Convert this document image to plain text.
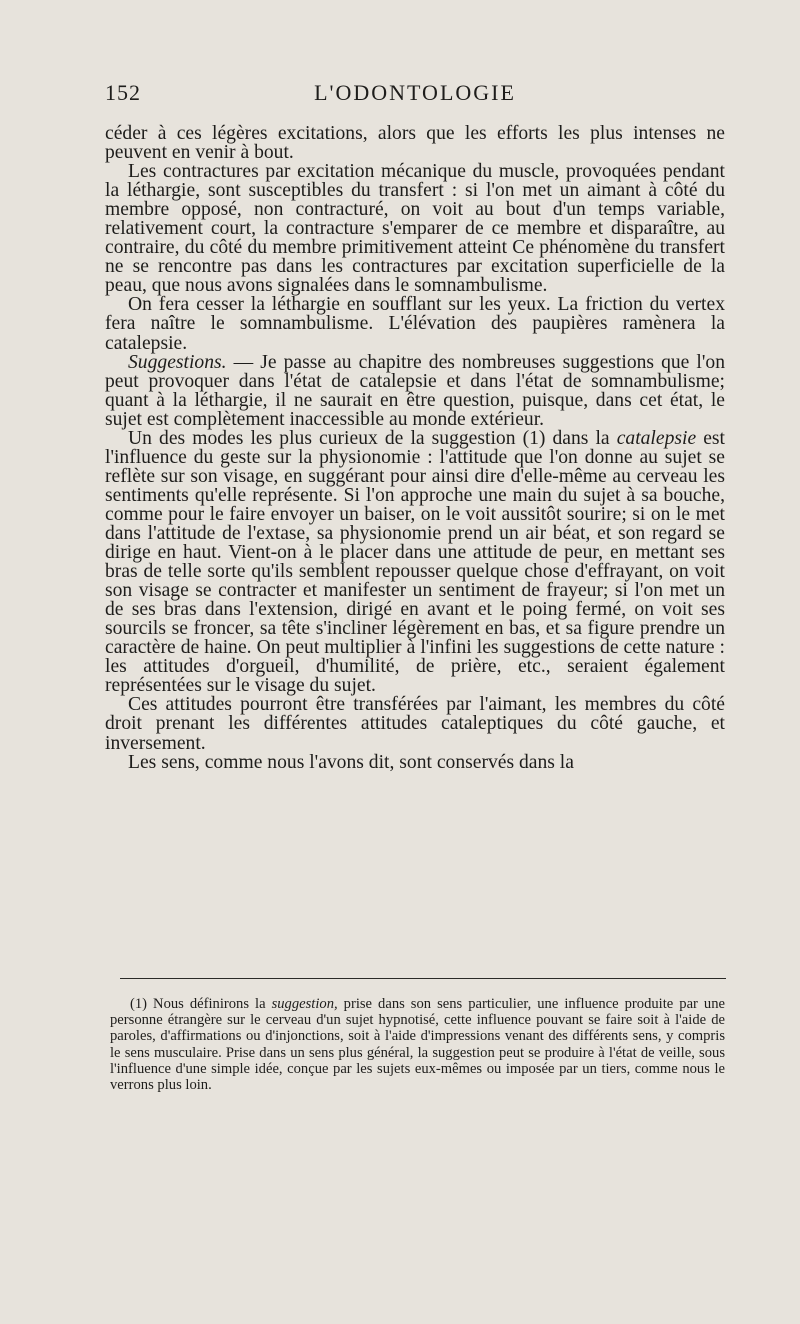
152	L'ODONTOLOGIE

céder à ces légères excitations, alors que les efforts les plus intenses ne peuvent en venir à bout.

Les contractures par excitation mécanique du muscle, provoquées pendant la léthargie, sont susceptibles du transfert : si l'on met un aimant à côté du membre opposé, non contracturé, on voit au bout d'un temps variable, relativement court, la contracture s'emparer de ce membre et disparaître, au contraire, du côté du membre primitivement atteint Ce phénomène du transfert ne se rencontre pas dans les contractures par excitation superficielle de la peau, que nous avons signalées dans le somnambulisme.

On fera cesser la léthargie en soufflant sur les yeux. La friction du vertex fera naître le somnambulisme. L'élévation des paupières ramènera la catalepsie.

Suggestions. — Je passe au chapitre des nombreuses suggestions que l'on peut provoquer dans l'état de catalepsie et dans l'état de somnambulisme; quant à la léthargie, il ne saurait en être question, puisque, dans cet état, le sujet est complètement inaccessible au monde extérieur.

Un des modes les plus curieux de la suggestion (1) dans la catalepsie est l'influence du geste sur la physionomie : l'attitude que l'on donne au sujet se reflète sur son visage, en suggérant pour ainsi dire d'elle-même au cerveau les sentiments qu'elle représente. Si l'on approche une main du sujet à sa bouche, comme pour le faire envoyer un baiser, on le voit aussitôt sourire; si on le met dans l'attitude de l'extase, sa physionomie prend un air béat, et son regard se dirige en haut. Vient-on à le placer dans une attitude de peur, en mettant ses bras de telle sorte qu'ils semblent repousser quelque chose d'effrayant, on voit son visage se contracter et manifester un sentiment de frayeur; si l'on met un de ses bras dans l'extension, dirigé en avant et le poing fermé, on voit ses sourcils se froncer, sa tête s'incliner légèrement en bas, et sa figure prendre un caractère de haine. On peut multiplier à l'infini les suggestions de cette nature : les attitudes d'orgueil, d'humilité, de prière, etc., seraient également représentées sur le visage du sujet.

Ces attitudes pourront être transférées par l'aimant, les membres du côté droit prenant les différentes attitudes cataleptiques du côté gauche, et inversement.

Les sens, comme nous l'avons dit, sont conservés dans la

(1) Nous définirons la suggestion, prise dans son sens particulier, une influence produite par une personne étrangère sur le cerveau d'un sujet hypnotisé, cette influence pouvant se faire soit à l'aide de paroles, d'affirmations ou d'injonctions, soit à l'aide d'impressions venant des différents sens, y compris le sens musculaire. Prise dans un sens plus général, la suggestion peut se produire à l'état de veille, sous l'influence d'une simple idée, conçue par les sujets eux-mêmes ou imposée par un tiers, comme nous le verrons plus loin.
